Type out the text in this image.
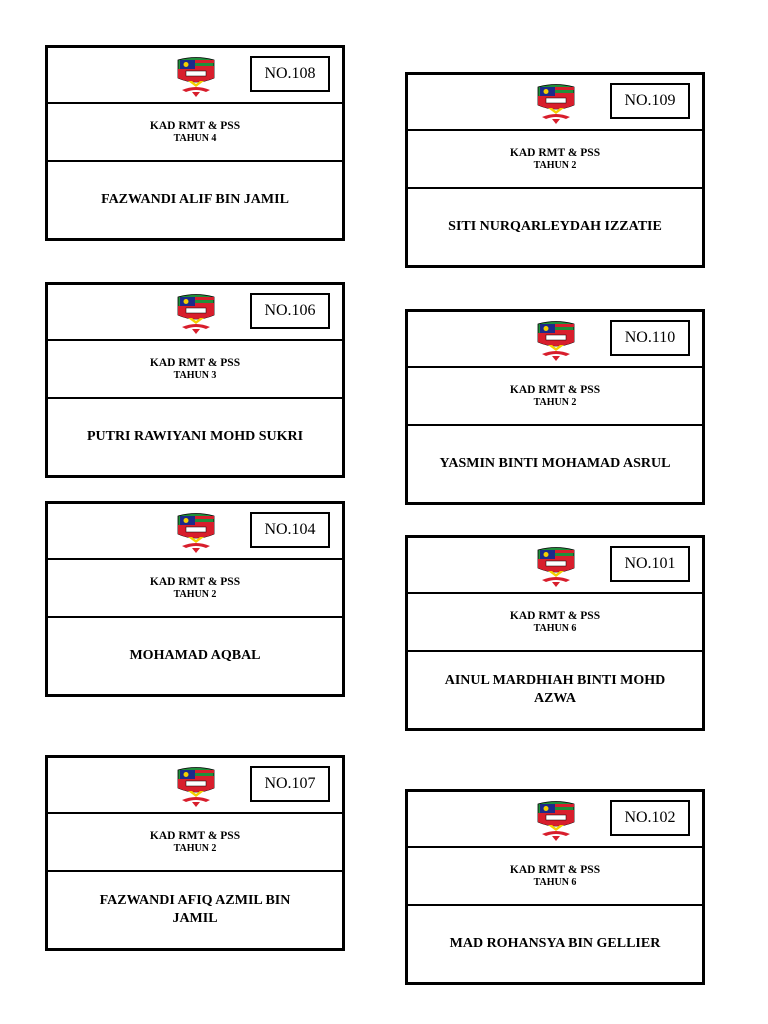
NO.108
KAD RMT & PSS
TAHUN 4
FAZWANDI ALIF BIN JAMIL
NO.109
KAD RMT & PSS
TAHUN 2
SITI NURQARLEYDAH IZZATIE
NO.106
KAD RMT & PSS
TAHUN 3
PUTRI RAWIYANI MOHD SUKRI
NO.110
KAD RMT & PSS
TAHUN 2
YASMIN BINTI MOHAMAD ASRUL
NO.104
KAD RMT & PSS
TAHUN 2
MOHAMAD AQBAL
NO.101
KAD RMT & PSS
TAHUN 6
AINUL MARDHIAH BINTI MOHD AZWA
NO.107
KAD RMT & PSS
TAHUN 2
FAZWANDI AFIQ AZMIL BIN JAMIL
NO.102
KAD RMT & PSS
TAHUN 6
MAD ROHANSYA BIN GELLIER
